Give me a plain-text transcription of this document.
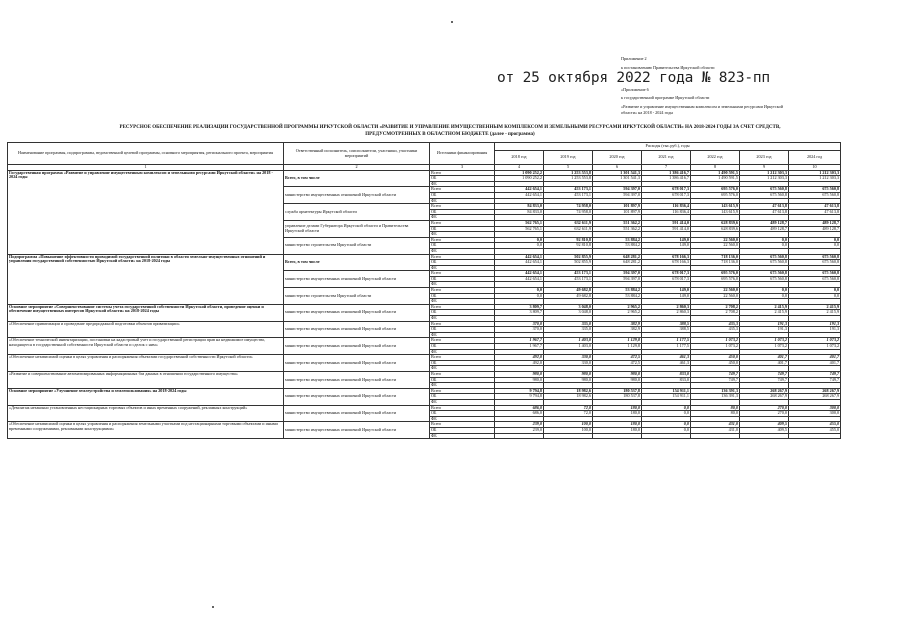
Приложение 2
к постановлению Правительства Иркутской области
от 25 октября 2022 года № 823-пп
«Приложение 6
к государственной программе Иркутской области
«Развитие и управление имущественным комплексом и земельными ресурсами Иркутской
области» на 2018 - 2024 годы
РЕСУРСНОЕ ОБЕСПЕЧЕНИЕ РЕАЛИЗАЦИИ ГОСУДАРСТВЕННОЙ ПРОГРАММЫ ИРКУТСКОЙ ОБЛАСТИ «РАЗВИТИЕ И УПРАВЛЕНИЕ ИМУЩЕСТВЕННЫМ КОМПЛЕКСОМ И ЗЕМЕЛЬНЫМИ РЕСУРСАМИ ИРКУТСКОЙ ОБЛАСТИ» НА 2018-2024 ГОДЫ ЗА СЧЕТ СРЕДСТВ,
ПРЕДУСМОТРЕННЫХ В ОБЛАСТНОМ БЮДЖЕТЕ (далее - программа)
Наименование программы, подпрограммы, ведомственной целевой программы, основного мероприятия, регионального проекта, мероприятия	Ответственный исполнитель, соисполнители, участники, участники мероприятий	Источники финансирования	Расходы (тыс.руб.), годы						
			2018 год	2019 год	2020 год	2021 год	2022 год	2023 год	2024 год
1	2	3	4	5	6	7	8	9	10
Государственная программа «Развитие и управление имущественным комплексом и земельными ресурсами Иркутской области» на 2018 - 2024 годы	Всего, в том числе	Всего	1 090 252,2	1 253 553,8	1 301 541,3	1 386 416,7	1 490 591,5	1 212 303,3	1 212 303,3
		ОБ	1 090 252,2	1 253 553,8	1 301 541,3	1 386 416,7	1 490 591,5	1 212 303,3	1 212 303,3
		ФБ							
	министерство имущественных отношений Иркутской области	Всего	442 654,1	453 173,1	594 397,0	678 017,3	695 576,0	675 560,8	675 560,8
		ОБ	442 654,1	453 173,1	594 397,0	678 017,3	695 576,0	675 560,8	675 560,8
		ФБ							
	служба архитектуры Иркутской области	Всего	84 833,0	74 958,0	101 897,9	116 836,4	143 615,9	47 613,8	47 613,8
		ОБ	84 833,0	74 958,0	101 897,9	116 836,4	143 615,9	47 613,8	47 613,8
		ФБ							
	управление делами Губернатора Иркутской области и Правительства Иркутской области	Всего	562 765,1	632 611,9	551 362,2	591 414,0	628 839,6	489 128,7	489 128,7
		ОБ	562 765,1	632 611,9	551 362,2	591 414,0	628 839,6	489 128,7	489 128,7
		ФБ							
	министерство строительства Иркутской области	Всего	0,0	92 810,8	53 884,2	149,0	22 560,0	0,0	0,0
		ОБ	0,0	92 810,8	53 884,2	149,0	22 560,0	0,0	0,0
		ФБ							
Подпрограмма «Повышение эффективности проводимой государственной политики в области земельно-имущественных отношений и управления государственной собственностью Иркутской области» на 2018-2024 годы	Всего, в том числе	Всего	442 654,1	502 855,9	648 281,2	678 166,3	718 136,0	675 560,8	675 560,8
		ОБ	442 654,1	502 855,9	648 281,2	678 166,3	718 136,0	675 560,8	675 560,8
		ФБ							
	министерство имущественных отношений Иркутской области	Всего	442 654,1	453 173,1	594 397,0	678 017,3	695 576,0	675 560,8	675 560,8
		ОБ	442 654,1	453 173,1	594 397,0	678 017,3	695 576,0	675 560,8	675 560,8
		ФБ							
	министерство строительства Иркутской области	Всего	0,0	49 682,8	53 884,2	149,0	22 560,0	0,0	0,0
		ОБ	0,0	49 682,8	53 884,2	149,0	22 560,0	0,0	0,0
		ФБ							
Основное мероприятие «Совершенствование системы учета государственной собственности Иркутской области, проведение оценки и обеспечение имущественных интересов Иркутской области» на 2018-2024 годы	министерство имущественных отношений Иркутской области	Всего	3 809,7	3 048,0	2 965,2	2 860,3	2 708,2	2 415,9	2 415,9
		ОБ	3 809,7	3 048,0	2 965,2	2 860,3	2 708,2	2 415,9	2 415,9
		ФБ							
«Обеспечение приватизации и проведение предпродажной подготовки объектов приватизации»	министерство имущественных отношений Иркутской области	Всего	370,0	335,0	382,9	388,5	435,3	191,3	191,3
		ОБ	370,0	335,0	382,9	388,5	435,3	191,3	191,3
		ФБ							
«Обеспечение технической инвентаризации, постановки на кадастровый учет и государственной регистрации прав на недвижимое имущество, находящееся в государственной собственности Иркутской области и сделок с ним»	министерство имущественных отношений Иркутской области	Всего	1 967,7	1 403,0	1 129,8	1 177,5	1 073,2	1 073,2	1 073,2
		ОБ	1 967,7	1 403,0	1 129,8	1 177,5	1 073,2	1 073,2	1 073,2
		ФБ							
«Обеспечение независимой оценки в целях управления и распоряжения объектами государственной собственности Иркутской области»	министерство имущественных отношений Иркутской области	Всего	492,0	330,0	472,5	461,3	450,0	401,7	401,7
		ОБ	492,0	330,0	472,5	461,3	450,0	401,7	401,7
		ФБ							
«Развитие и совершенствование автоматизированных информационных баз данных в отношении государственного имущества»	министерство имущественных отношений Иркутской области	Всего	980,0	980,0	980,0	833,0	749,7	749,7	749,7
		ОБ	980,0	980,0	980,0	833,0	749,7	749,7	749,7
		ФБ							
Основное мероприятие «Улучшение землеустройства и землепользования» на 2018-2024 годы	министерство имущественных отношений Иркутской области	Всего	9 794,8	18 982,6	180 537,8	154 911,1	136 391,3	268 267,9	268 267,9
		ОБ	9 794,8	18 982,6	180 537,8	154 911,1	136 391,3	268 267,9	268 267,9
		ФБ							
«Демонтаж незаконно установленных нестационарных торговых объектов и иных временных сооружений, рекламных конструкций»	министерство имущественных отношений Иркутской области	Всего	686,0	72,0	180,0	0,0	80,0	270,0	300,0
		ОБ	686,0	72,0	180,0	0,0	80,0	270,0	300,0
		ФБ							
«Обеспечение независимой оценки в целях управления и распоряжения земельными участками под нестационарными торговыми объектами и иными временными сооружениями, рекламными конструкциями»	министерство имущественных отношений Иркутской области	Всего	239,0	100,0	180,0	0,0	431,0	409,5	455,0
		ОБ	239,0	100,0	180,0	0,0	431,0	409,5	455,0
		ФБ							
